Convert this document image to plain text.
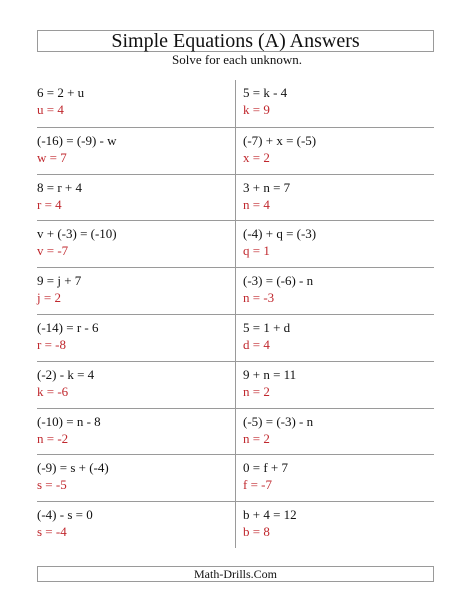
Simple Equations (A) Answers
Solve for each unknown.
6 = 2 + u
u = 4
5 = k - 4
k = 9
(-16) = (-9) - w
w = 7
(-7) + x = (-5)
x = 2
8 = r + 4
r = 4
3 + n = 7
n = 4
v + (-3) = (-10)
v = -7
(-4) + q = (-3)
q = 1
9 = j + 7
j = 2
(-3) = (-6) - n
n = -3
(-14) = r - 6
r = -8
5 = 1 + d
d = 4
(-2) - k = 4
k = -6
9 + n = 11
n = 2
(-10) = n - 8
n = -2
(-5) = (-3) - n
n = 2
(-9) = s + (-4)
s = -5
0 = f + 7
f = -7
(-4) - s = 0
s = -4
b + 4 = 12
b = 8
Math-Drills.Com
